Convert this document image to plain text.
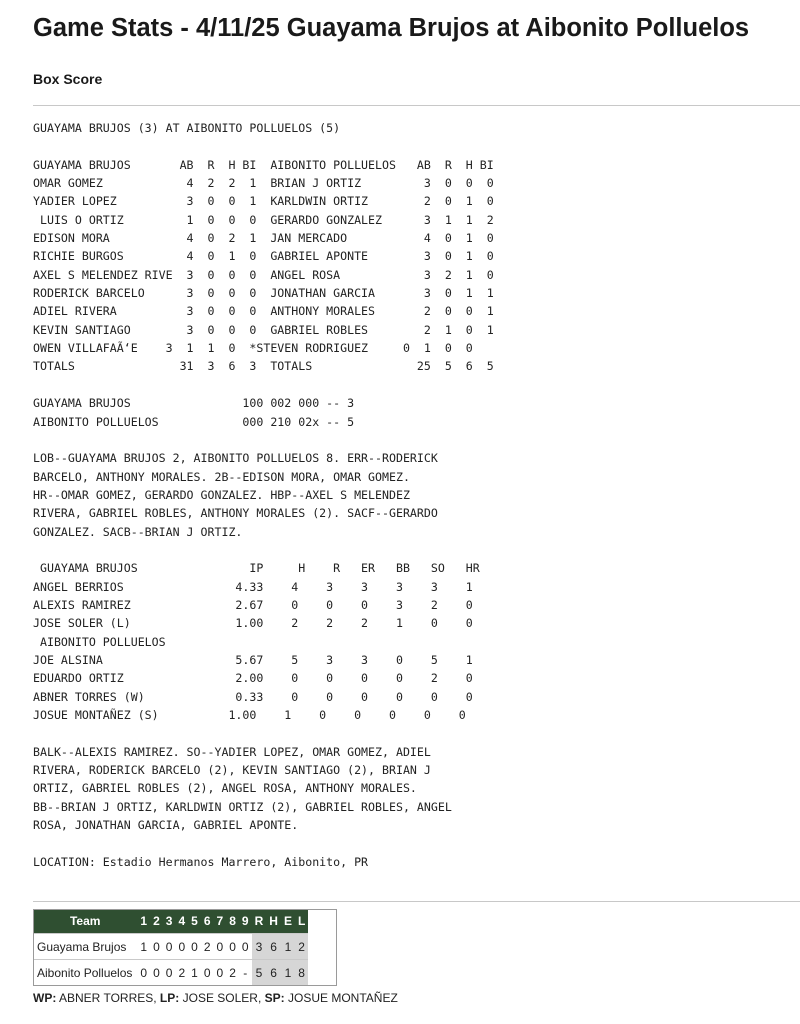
Game Stats - 4/11/25 Guayama Brujos at Aibonito Polluelos
Box Score
GUAYAMA BRUJOS (3) AT AIBONITO POLLUELOS (5)

GUAYAMA BRUJOS       AB  R  H BI  AIBONITO POLLUELOS   AB  R  H BI
OMAR GOMEZ            4  2  2  1  BRIAN J ORTIZ         3  0  0  0
YADIER LOPEZ          3  0  0  1  KARLDWIN ORTIZ        2  0  1  0
LUIS O ORTIZ         1  0  0  0  GERARDO GONZALEZ      3  1  1  2
EDISON MORA           4  0  2  1  JAN MERCADO           4  0  1  0
RICHIE BURGOS         4  0  1  0  GABRIEL APONTE        3  0  1  0
AXEL S MELENDEZ RIVE  3  0  0  0  ANGEL ROSA            3  2  1  0
RODERICK BARCELO      3  0  0  0  JONATHAN GARCIA       3  0  1  1
ADIEL RIVERA          3  0  0  0  ANTHONY MORALES       2  0  0  1
KEVIN SANTIAGO        3  0  0  0  GABRIEL ROBLES        2  1  0  1
OWEN VILLAFAÃ‘E    3  1  1  0  *STEVEN RODRIGUEZ     0  1  0  0
TOTALS               31  3  6  3  TOTALS               25  5  6  5

GUAYAMA BRUJOS                100 002 000 -- 3
AIBONITO POLLUELOS            000 210 02x -- 5

LOB--GUAYAMA BRUJOS 2, AIBONITO POLLUELOS 8. ERR--RODERICK
BARCELO, ANTHONY MORALES. 2B--EDISON MORA, OMAR GOMEZ.
HR--OMAR GOMEZ, GERARDO GONZALEZ. HBP--AXEL S MELENDEZ
RIVERA, GABRIEL ROBLES, ANTHONY MORALES (2). SACF--GERARDO
GONZALEZ. SACB--BRIAN J ORTIZ.

GUAYAMA BRUJOS                IP     H    R   ER   BB   SO   HR
ANGEL BERRIOS                4.33    4    3    3    3    3    1
ALEXIS RAMIREZ               2.67    0    0    0    3    2    0
JOSE SOLER (L)               1.00    2    2    2    1    0    0
AIBONITO POLLUELOS
JOE ALSINA                   5.67    5    3    3    0    5    1
EDUARDO ORTIZ                2.00    0    0    0    0    2    0
ABNER TORRES (W)             0.33    0    0    0    0    0    0
JOSUE MONTAÑEZ (S)          1.00    1    0    0    0    0    0

BALK--ALEXIS RAMIREZ. SO--YADIER LOPEZ, OMAR GOMEZ, ADIEL
RIVERA, RODERICK BARCELO (2), KEVIN SANTIAGO (2), BRIAN J
ORTIZ, GABRIEL ROBLES (2), ANGEL ROSA, ANTHONY MORALES.
BB--BRIAN J ORTIZ, KARLDWIN ORTIZ (2), GABRIEL ROBLES, ANGEL
ROSA, JONATHAN GARCIA, GABRIEL APONTE.

LOCATION: Estadio Hermanos Marrero, Aibonito, PR

Team	1	2	3	4	5	6	7	8	9	R	H	E	L
Guayama Brujos	1	0	0	0	0	2	0	0	0	3	6	1	2
Aibonito Polluelos	0	0	0	2	1	0	0	2	-	5	6	1	8
WP: ABNER TORRES, LP: JOSE SOLER, SP: JOSUE MONTAÑEZ
